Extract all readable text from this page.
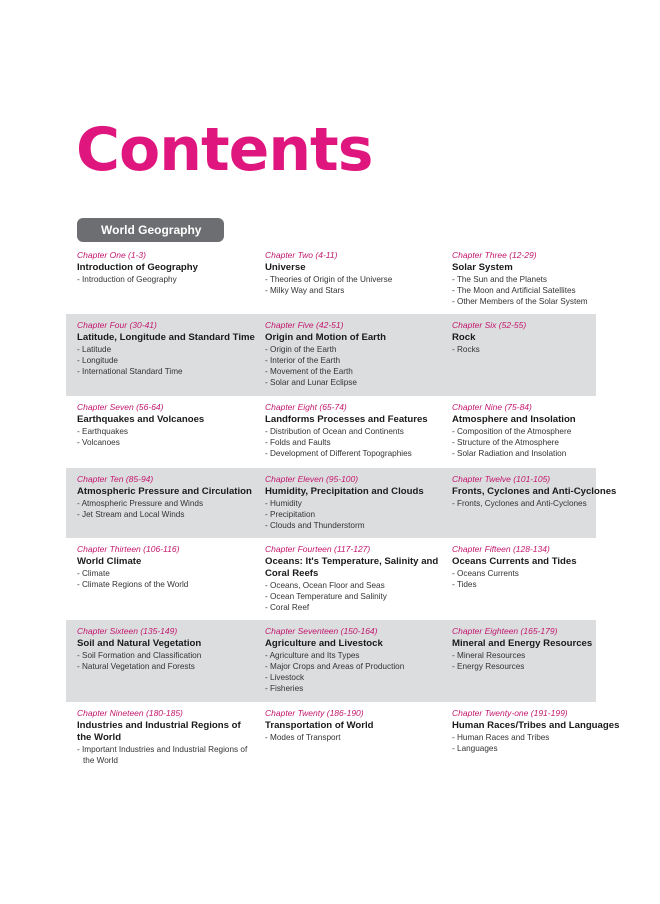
Contents
World Geography
Chapter One (1-3)
Introduction of Geography
- Introduction of Geography
Chapter Two (4-11)
Universe
- Theories of Origin of the Universe
- Milky Way and Stars
Chapter Three (12-29)
Solar System
- The Sun and the Planets
- The Moon and Artificial Satellites
- Other Members of the Solar System
Chapter Four (30-41)
Latitude, Longitude and Standard Time
- Latitude
- Longitude
- International Standard Time
Chapter Five (42-51)
Origin and Motion of Earth
- Origin of the Earth
- Interior of the Earth
- Movement of the Earth
- Solar and Lunar Eclipse
Chapter Six (52-55)
Rock
- Rocks
Chapter Seven (56-64)
Earthquakes and Volcanoes
- Earthquakes
- Volcanoes
Chapter Eight (65-74)
Landforms Processes and Features
- Distribution of Ocean and Continents
- Folds and Faults
- Development of Different Topographies
Chapter Nine (75-84)
Atmosphere and Insolation
- Composition of the Atmosphere
- Structure of the Atmosphere
- Solar Radiation and Insolation
Chapter Ten (85-94)
Atmospheric Pressure and Circulation
- Atmospheric Pressure and Winds
- Jet Stream and Local Winds
Chapter Eleven (95-100)
Humidity, Precipitation and Clouds
- Humidity
- Precipitation
- Clouds and Thunderstorm
Chapter Twelve (101-105)
Fronts, Cyclones and Anti-Cyclones
- Fronts, Cyclones and Anti-Cyclones
Chapter Thirteen (106-116)
World Climate
- Climate
- Climate Regions of the World
Chapter Fourteen (117-127)
Oceans: It's Temperature, Salinity and Coral Reefs
- Oceans, Ocean Floor and Seas
- Ocean Temperature and Salinity
- Coral Reef
Chapter Fifteen (128-134)
Oceans Currents and Tides
- Oceans Currents
- Tides
Chapter Sixteen (135-149)
Soil and Natural Vegetation
- Soil Formation and Classification
- Natural Vegetation and Forests
Chapter Seventeen (150-164)
Agriculture and Livestock
- Agriculture and Its Types
- Major Crops and Areas of Production
- Livestock
- Fisheries
Chapter Eighteen (165-179)
Mineral and Energy Resources
- Mineral Resources
- Energy Resources
Chapter Nineteen (180-185)
Industries and Industrial Regions of the World
- Important Industries and Industrial Regions of the World
Chapter Twenty (186-190)
Transportation of World
- Modes of Transport
Chapter Twenty-one (191-199)
Human Races/Tribes and Languages
- Human Races and Tribes
- Languages
